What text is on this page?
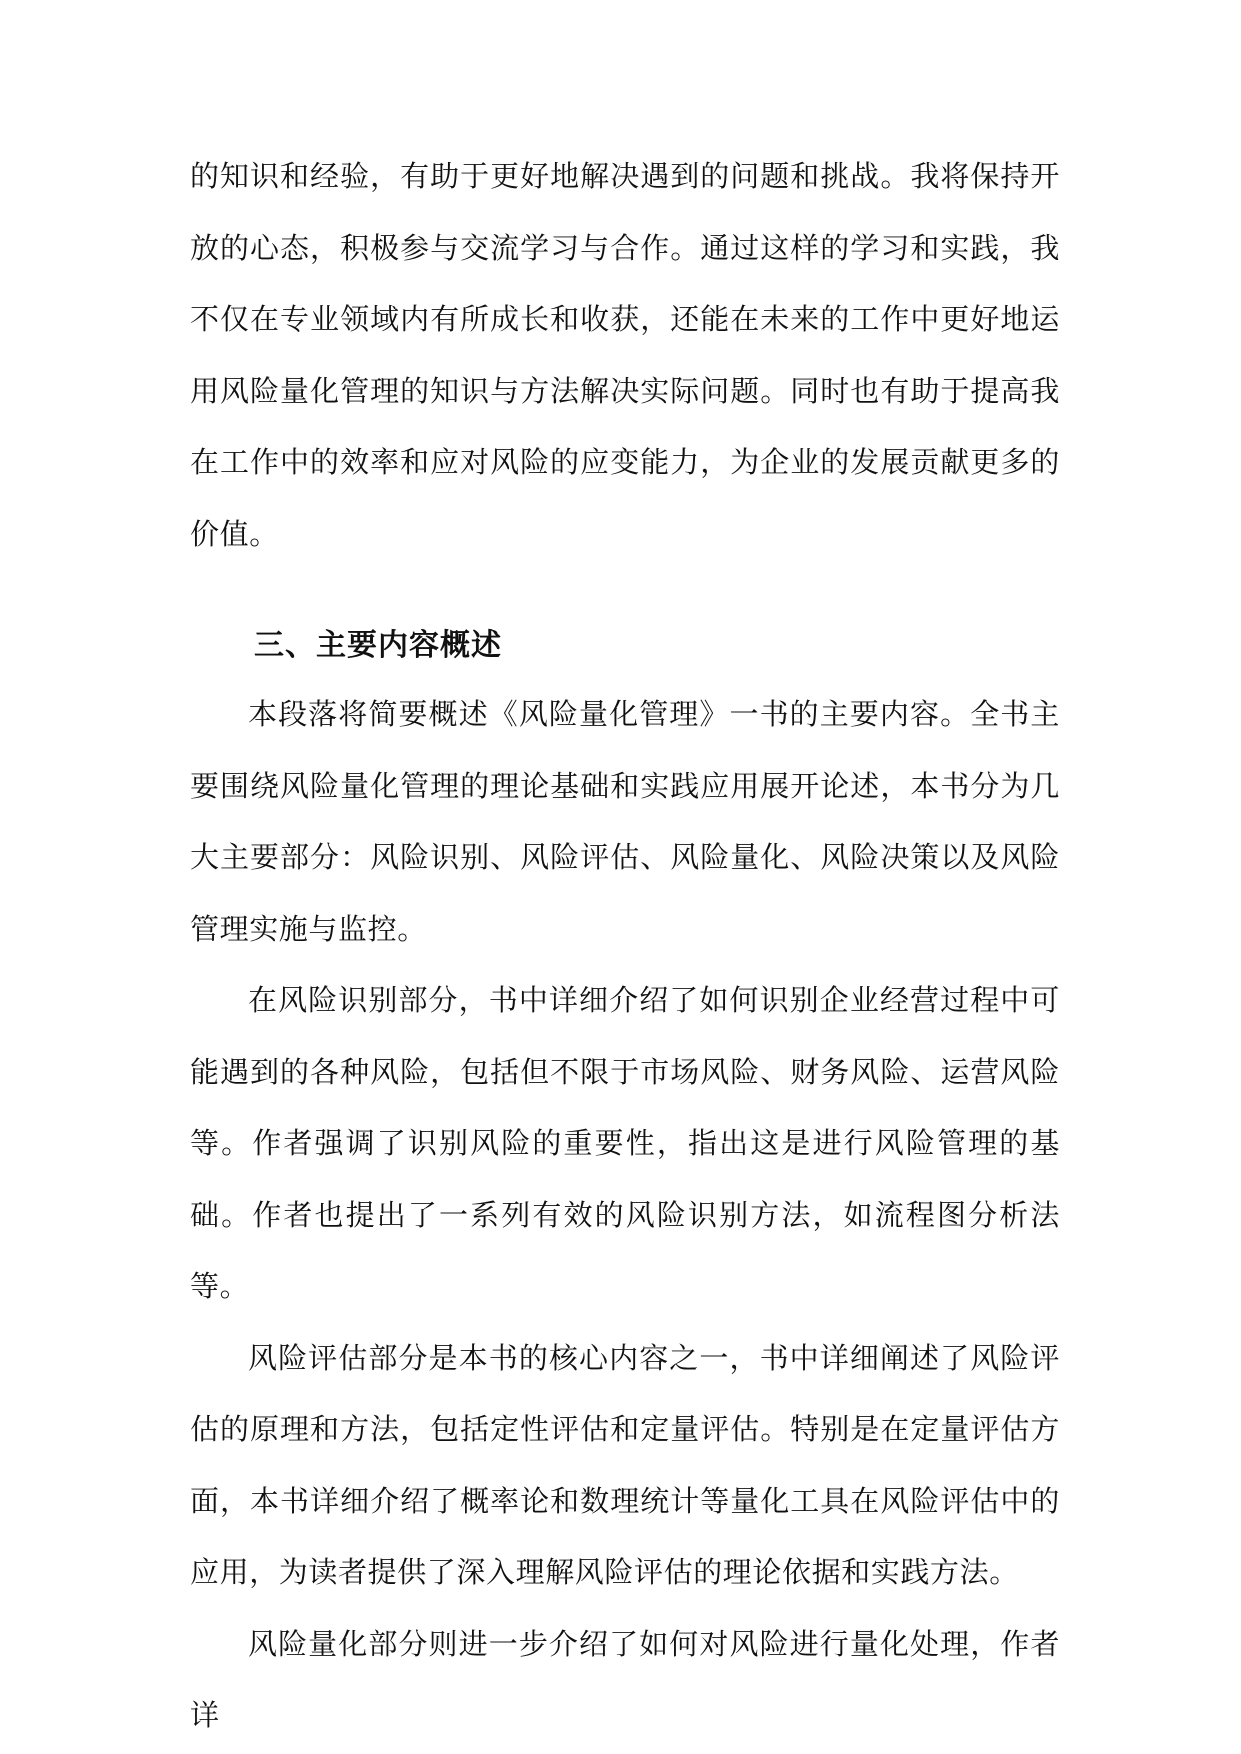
的知识和经验，有助于更好地解决遇到的问题和挑战。我将保持开放的心态，积极参与交流学习与合作。通过这样的学习和实践，我不仅在专业领域内有所成长和收获，还能在未来的工作中更好地运用风险量化管理的知识与方法解决实际问题。同时也有助于提高我在工作中的效率和应对风险的应变能力，为企业的发展贡献更多的价值。

三、主要内容概述

本段落将简要概述《风险量化管理》一书的主要内容。全书主要围绕风险量化管理的理论基础和实践应用展开论述，本书分为几大主要部分：风险识别、风险评估、风险量化、风险决策以及风险管理实施与监控。

在风险识别部分，书中详细介绍了如何识别企业经营过程中可能遇到的各种风险，包括但不限于市场风险、财务风险、运营风险等。作者强调了识别风险的重要性，指出这是进行风险管理的基础。作者也提出了一系列有效的风险识别方法，如流程图分析法等。

风险评估部分是本书的核心内容之一，书中详细阐述了风险评估的原理和方法，包括定性评估和定量评估。特别是在定量评估方面，本书详细介绍了概率论和数理统计等量化工具在风险评估中的应用，为读者提供了深入理解风险评估的理论依据和实践方法。

风险量化部分则进一步介绍了如何对风险进行量化处理，作者详
